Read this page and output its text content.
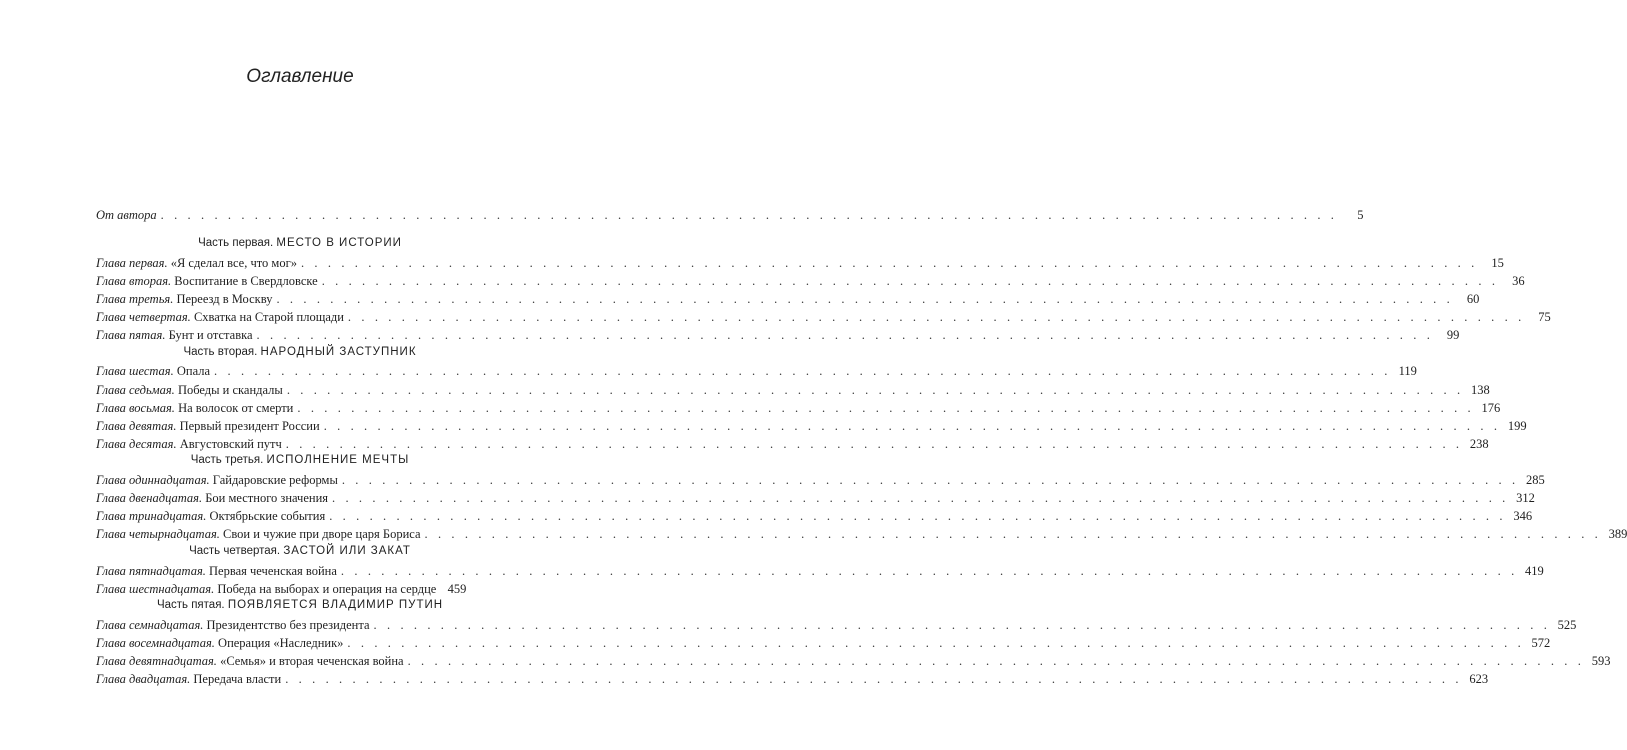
Оглавление
От автора . . . . . . . . . . . . . . . . . . . . . . . . . . . . . . . . . . . . . . . . . . . . . . . . . . . . . . . . . . . . . . . . . . . . . . . . . . . . . . . . . . . . . . . .	5
Часть первая. МЕСТО В ИСТОРИИ
Глава первая. «Я сделал все, что мог» . . . . . . . . . . . . . . . . . . . . . . . . . . . . . . . . . . . . . . . . . . . . . . . . . . . . . . . . . . . . . . . . . . . . . . . . . . . . . . . . . . . . . . . .	15
Глава вторая. Воспитание в Свердловске . . . . . . . . . . . . . . . . . . . . . . . . . . . . . . . . . . . . . . . . . . . . . . . . . . . . . . . . . . . . . . . . . . . . . . . . . . . . . . . . . . . . . . . .	36
Глава третья. Переезд в Москву . . . . . . . . . . . . . . . . . . . . . . . . . . . . . . . . . . . . . . . . . . . . . . . . . . . . . . . . . . . . . . . . . . . . . . . . . . . . . . . . . . . . . . . .	60
Глава четвертая. Схватка на Старой площади . . . . . . . . . . . . . . . . . . . . . . . . . . . . . . . . . . . . . . . . . . . . . . . . . . . . . . . . . . . . . . . . . . . . . . . . . . . . . . . . . . . . . . . .	75
Глава пятая. Бунт и отставка . . . . . . . . . . . . . . . . . . . . . . . . . . . . . . . . . . . . . . . . . . . . . . . . . . . . . . . . . . . . . . . . . . . . . . . . . . . . . . . . . . . . . . . .	99
Часть вторая. НАРОДНЫЙ ЗАСТУПНИК
Глава шестая. Опала . . . . . . . . . . . . . . . . . . . . . . . . . . . . . . . . . . . . . . . . . . . . . . . . . . . . . . . . . . . . . . . . . . . . . . . . . . . . . . . . . . . . . . . . 119
Глава седьмая. Победы и скандалы . . . . . . . . . . . . . . . . . . . . . . . . . . . . . . . . . . . . . . . . . . . . . . . . . . . . . . . . . . . . . . . . . . . . . . . . . . . . . . . . . . . . . . . . 138
Глава восьмая. На волосок от смерти . . . . . . . . . . . . . . . . . . . . . . . . . . . . . . . . . . . . . . . . . . . . . . . . . . . . . . . . . . . . . . . . . . . . . . . . . . . . . . . . . . . . . . . . 176
Глава девятая. Первый президент России . . . . . . . . . . . . . . . . . . . . . . . . . . . . . . . . . . . . . . . . . . . . . . . . . . . . . . . . . . . . . . . . . . . . . . . . . . . . . . . . . . . . . . . . 199
Глава десятая. Августовский путч . . . . . . . . . . . . . . . . . . . . . . . . . . . . . . . . . . . . . . . . . . . . . . . . . . . . . . . . . . . . . . . . . . . . . . . . . . . . . . . . . . . . . . . . 238
Часть третья. ИСПОЛНЕНИЕ МЕЧТЫ
Глава одиннадцатая. Гайдаровские реформы . . . . . . . . . . . . . . . . . . . . . . . . . . . . . . . . . . . . . . . . . . . . . . . . . . . . . . . . . . . . . . . . . . . . . . . . . . . . . . . . . . . . . . . . 285
Глава двенадцатая. Бои местного значения . . . . . . . . . . . . . . . . . . . . . . . . . . . . . . . . . . . . . . . . . . . . . . . . . . . . . . . . . . . . . . . . . . . . . . . . . . . . . . . . . . . . . . . . 312
Глава тринадцатая. Октябрьские события . . . . . . . . . . . . . . . . . . . . . . . . . . . . . . . . . . . . . . . . . . . . . . . . . . . . . . . . . . . . . . . . . . . . . . . . . . . . . . . . . . . . . . . . 346
Глава четырнадцатая. Свои и чужие при дворе царя Бориса . . . . . . . . . . . . . . . . . . . . . . . . . . . . . . . . . . . . . . . . . . . . . . . . . . . . . . . . . . . . . . . . . . . . . . . . . . . . . . . . . . . . . . . . 389
Часть четвертая. ЗАСТОЙ ИЛИ ЗАКАТ
Глава пятнадцатая. Первая чеченская война . . . . . . . . . . . . . . . . . . . . . . . . . . . . . . . . . . . . . . . . . . . . . . . . . . . . . . . . . . . . . . . . . . . . . . . . . . . . . . . . . . . . . . . . 419
Глава шестнадцатая. Победа на выборах и операция на сердце 459
Часть пятая. ПОЯВЛЯЕТСЯ ВЛАДИМИР ПУТИН
Глава семнадцатая. Президентство без президента . . . . . . . . . . . . . . . . . . . . . . . . . . . . . . . . . . . . . . . . . . . . . . . . . . . . . . . . . . . . . . . . . . . . . . . . . . . . . . . . . . . . . . . . 525
Глава восемнадцатая. Операция «Наследник» . . . . . . . . . . . . . . . . . . . . . . . . . . . . . . . . . . . . . . . . . . . . . . . . . . . . . . . . . . . . . . . . . . . . . . . . . . . . . . . . . . . . . . . . 572
Глава девятнадцатая. «Семья» и вторая чеченская война . . . . . . . . . . . . . . . . . . . . . . . . . . . . . . . . . . . . . . . . . . . . . . . . . . . . . . . . . . . . . . . . . . . . . . . . . . . . . . . . . . . . . . . . 593
Глава двадцатая. Передача власти . . . . . . . . . . . . . . . . . . . . . . . . . . . . . . . . . . . . . . . . . . . . . . . . . . . . . . . . . . . . . . . . . . . . . . . . . . . . . . . . . . . . . . . . 623
